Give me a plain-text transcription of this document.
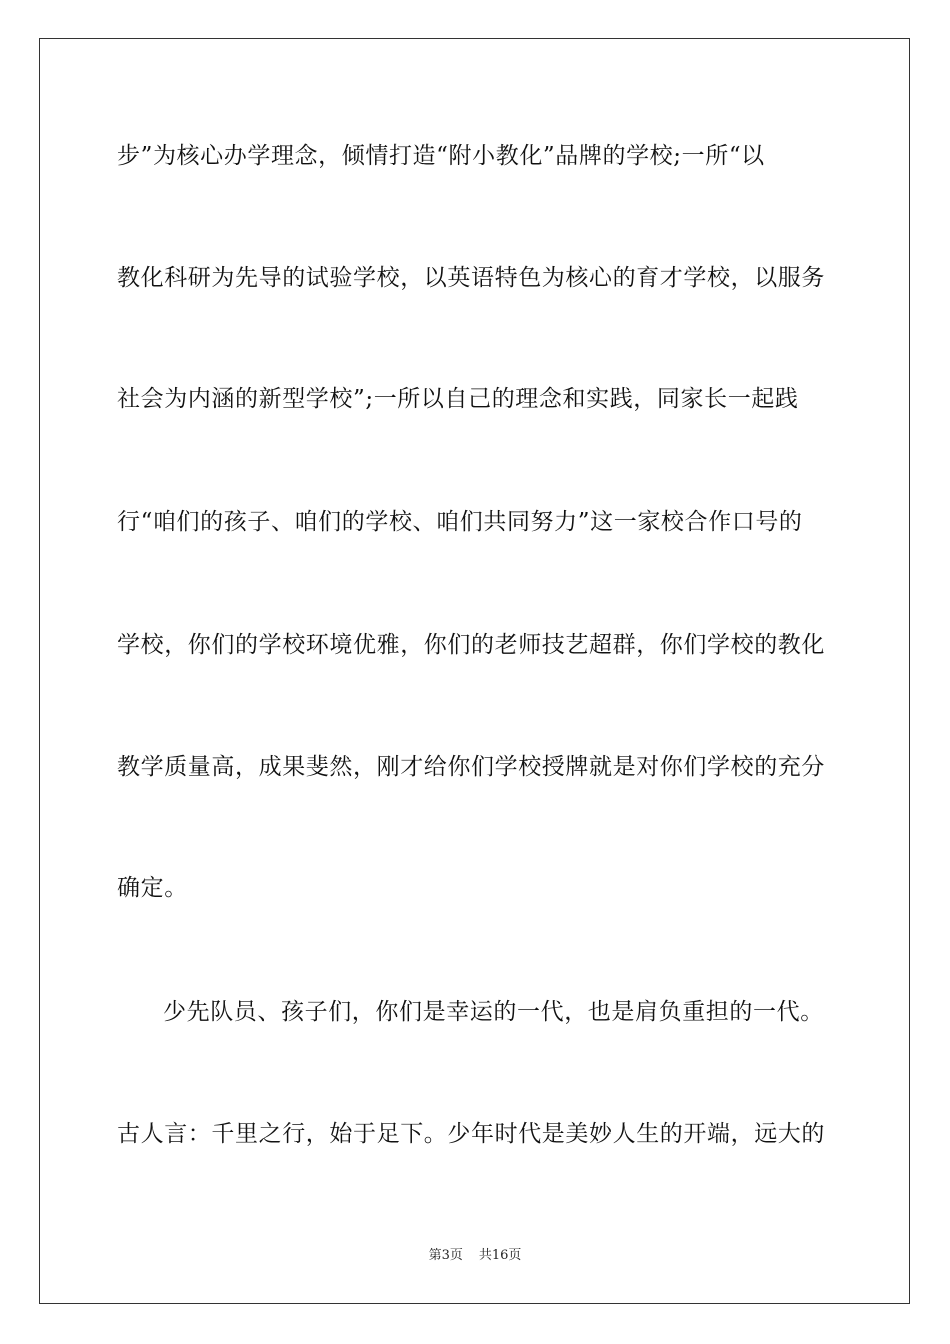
步”为核心办学理念，倾情打造“附小教化”品牌的学校;一所“以
教化科研为先导的试验学校，以英语特色为核心的育才学校，以服务
社会为内涵的新型学校”;一所以自己的理念和实践，同家长一起践
行“咱们的孩子、咱们的学校、咱们共同努力”这一家校合作口号的
学校，你们的学校环境优雅，你们的老师技艺超群，你们学校的教化
教学质量高，成果斐然，刚才给你们学校授牌就是对你们学校的充分
确定。
少先队员、孩子们，你们是幸运的一代，也是肩负重担的一代。
古人言：千里之行，始于足下。少年时代是美妙人生的开端，远大的
第3页 共16页
